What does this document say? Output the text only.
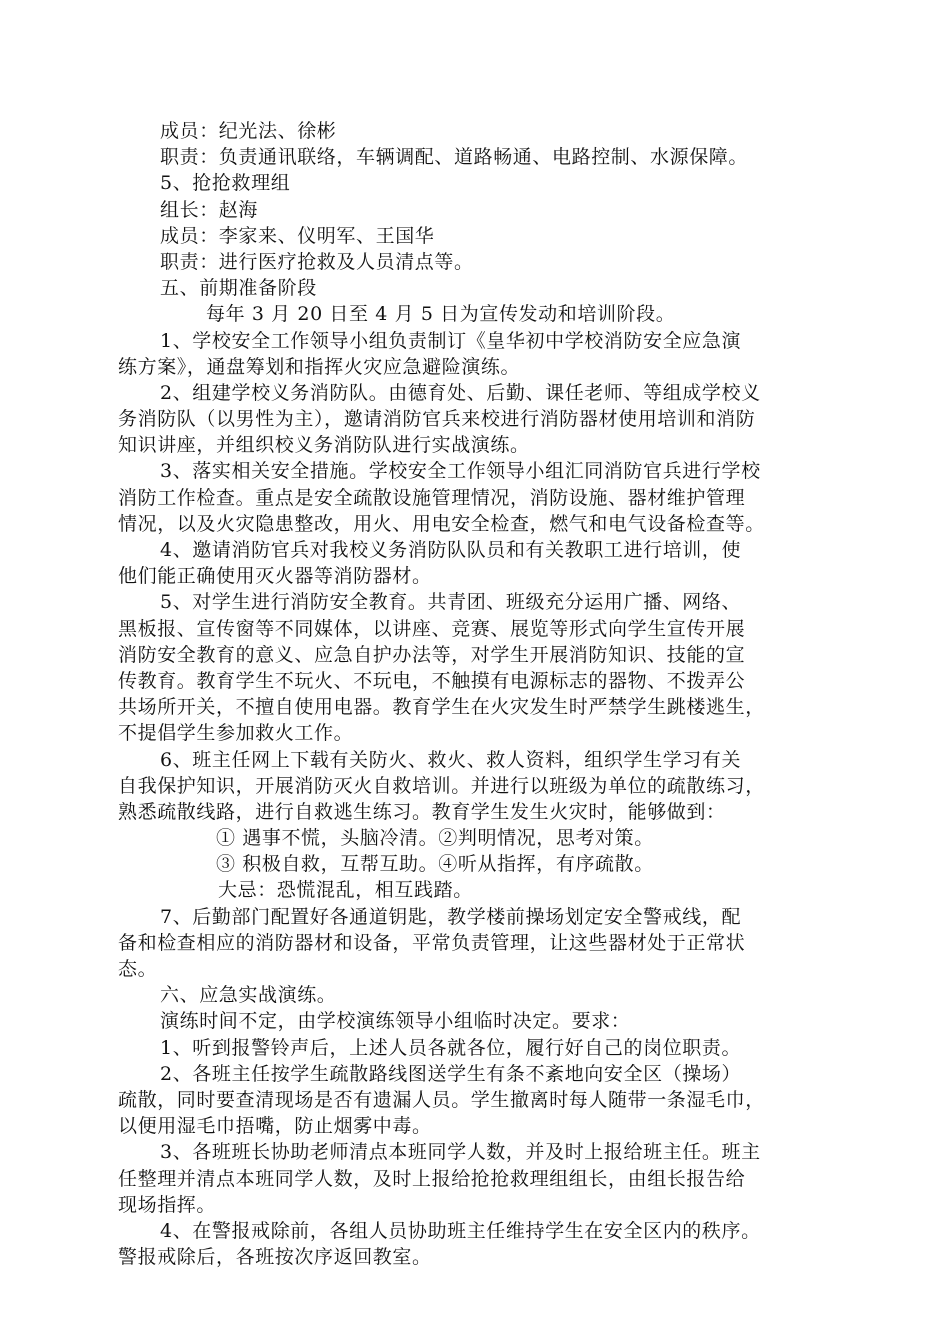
成员：纪光法、徐彬
职责：负责通讯联络，车辆调配、道路畅通、电路控制、水源保障。
5、抢抢救理组
组长：赵海
成员：李家来、仪明军、王国华
职责：进行医疗抢救及人员清点等。
五、前期准备阶段
每年 3 月 20 日至 4 月 5 日为宣传发动和培训阶段。
1、学校安全工作领导小组负责制订《皇华初中学校消防安全应急演
练方案》，通盘筹划和指挥火灾应急避险演练。
2、组建学校义务消防队。由德育处、后勤、课任老师、等组成学校义
务消防队（以男性为主），邀请消防官兵来校进行消防器材使用培训和消防
知识讲座，并组织校义务消防队进行实战演练。
3、落实相关安全措施。学校安全工作领导小组汇同消防官兵进行学校
消防工作检查。重点是安全疏散设施管理情况，消防设施、器材维护管理
情况，以及火灾隐患整改，用火、用电安全检查，燃气和电气设备检查等。
4、邀请消防官兵对我校义务消防队队员和有关教职工进行培训，使
他们能正确使用灭火器等消防器材。
5、对学生进行消防安全教育。共青团、班级充分运用广播、网络、
黑板报、宣传窗等不同媒体，以讲座、竞赛、展览等形式向学生宣传开展
消防安全教育的意义、应急自护办法等，对学生开展消防知识、技能的宣
传教育。教育学生不玩火、不玩电，不触摸有电源标志的器物、不拨弄公
共场所开关，不擅自使用电器。教育学生在火灾发生时严禁学生跳楼逃生，
不提倡学生参加救火工作。
6、班主任网上下载有关防火、救火、救人资料，组织学生学习有关
自我保护知识，开展消防灭火自救培训。并进行以班级为单位的疏散练习，
熟悉疏散线路，进行自救逃生练习。教育学生发生火灾时，能够做到：
① 遇事不慌，头脑冷清。②判明情况，思考对策。
③ 积极自救，互帮互助。④听从指挥，有序疏散。
大忌：恐慌混乱，相互践踏。
7、后勤部门配置好各通道钥匙，教学楼前操场划定安全警戒线，配
备和检查相应的消防器材和设备，平常负责管理，让这些器材处于正常状
态。
六、应急实战演练。
演练时间不定，由学校演练领导小组临时决定。要求：
1、听到报警铃声后，上述人员各就各位，履行好自己的岗位职责。
2、各班主任按学生疏散路线图送学生有条不紊地向安全区（操场）
疏散，同时要查清现场是否有遗漏人员。学生撤离时每人随带一条湿毛巾，
以便用湿毛巾捂嘴，防止烟雾中毒。
3、各班班长协助老师清点本班同学人数，并及时上报给班主任。班主
任整理并清点本班同学人数，及时上报给抢抢救理组组长，由组长报告给
现场指挥。
4、在警报戒除前，各组人员协助班主任维持学生在安全区内的秩序。
警报戒除后，各班按次序返回教室。
